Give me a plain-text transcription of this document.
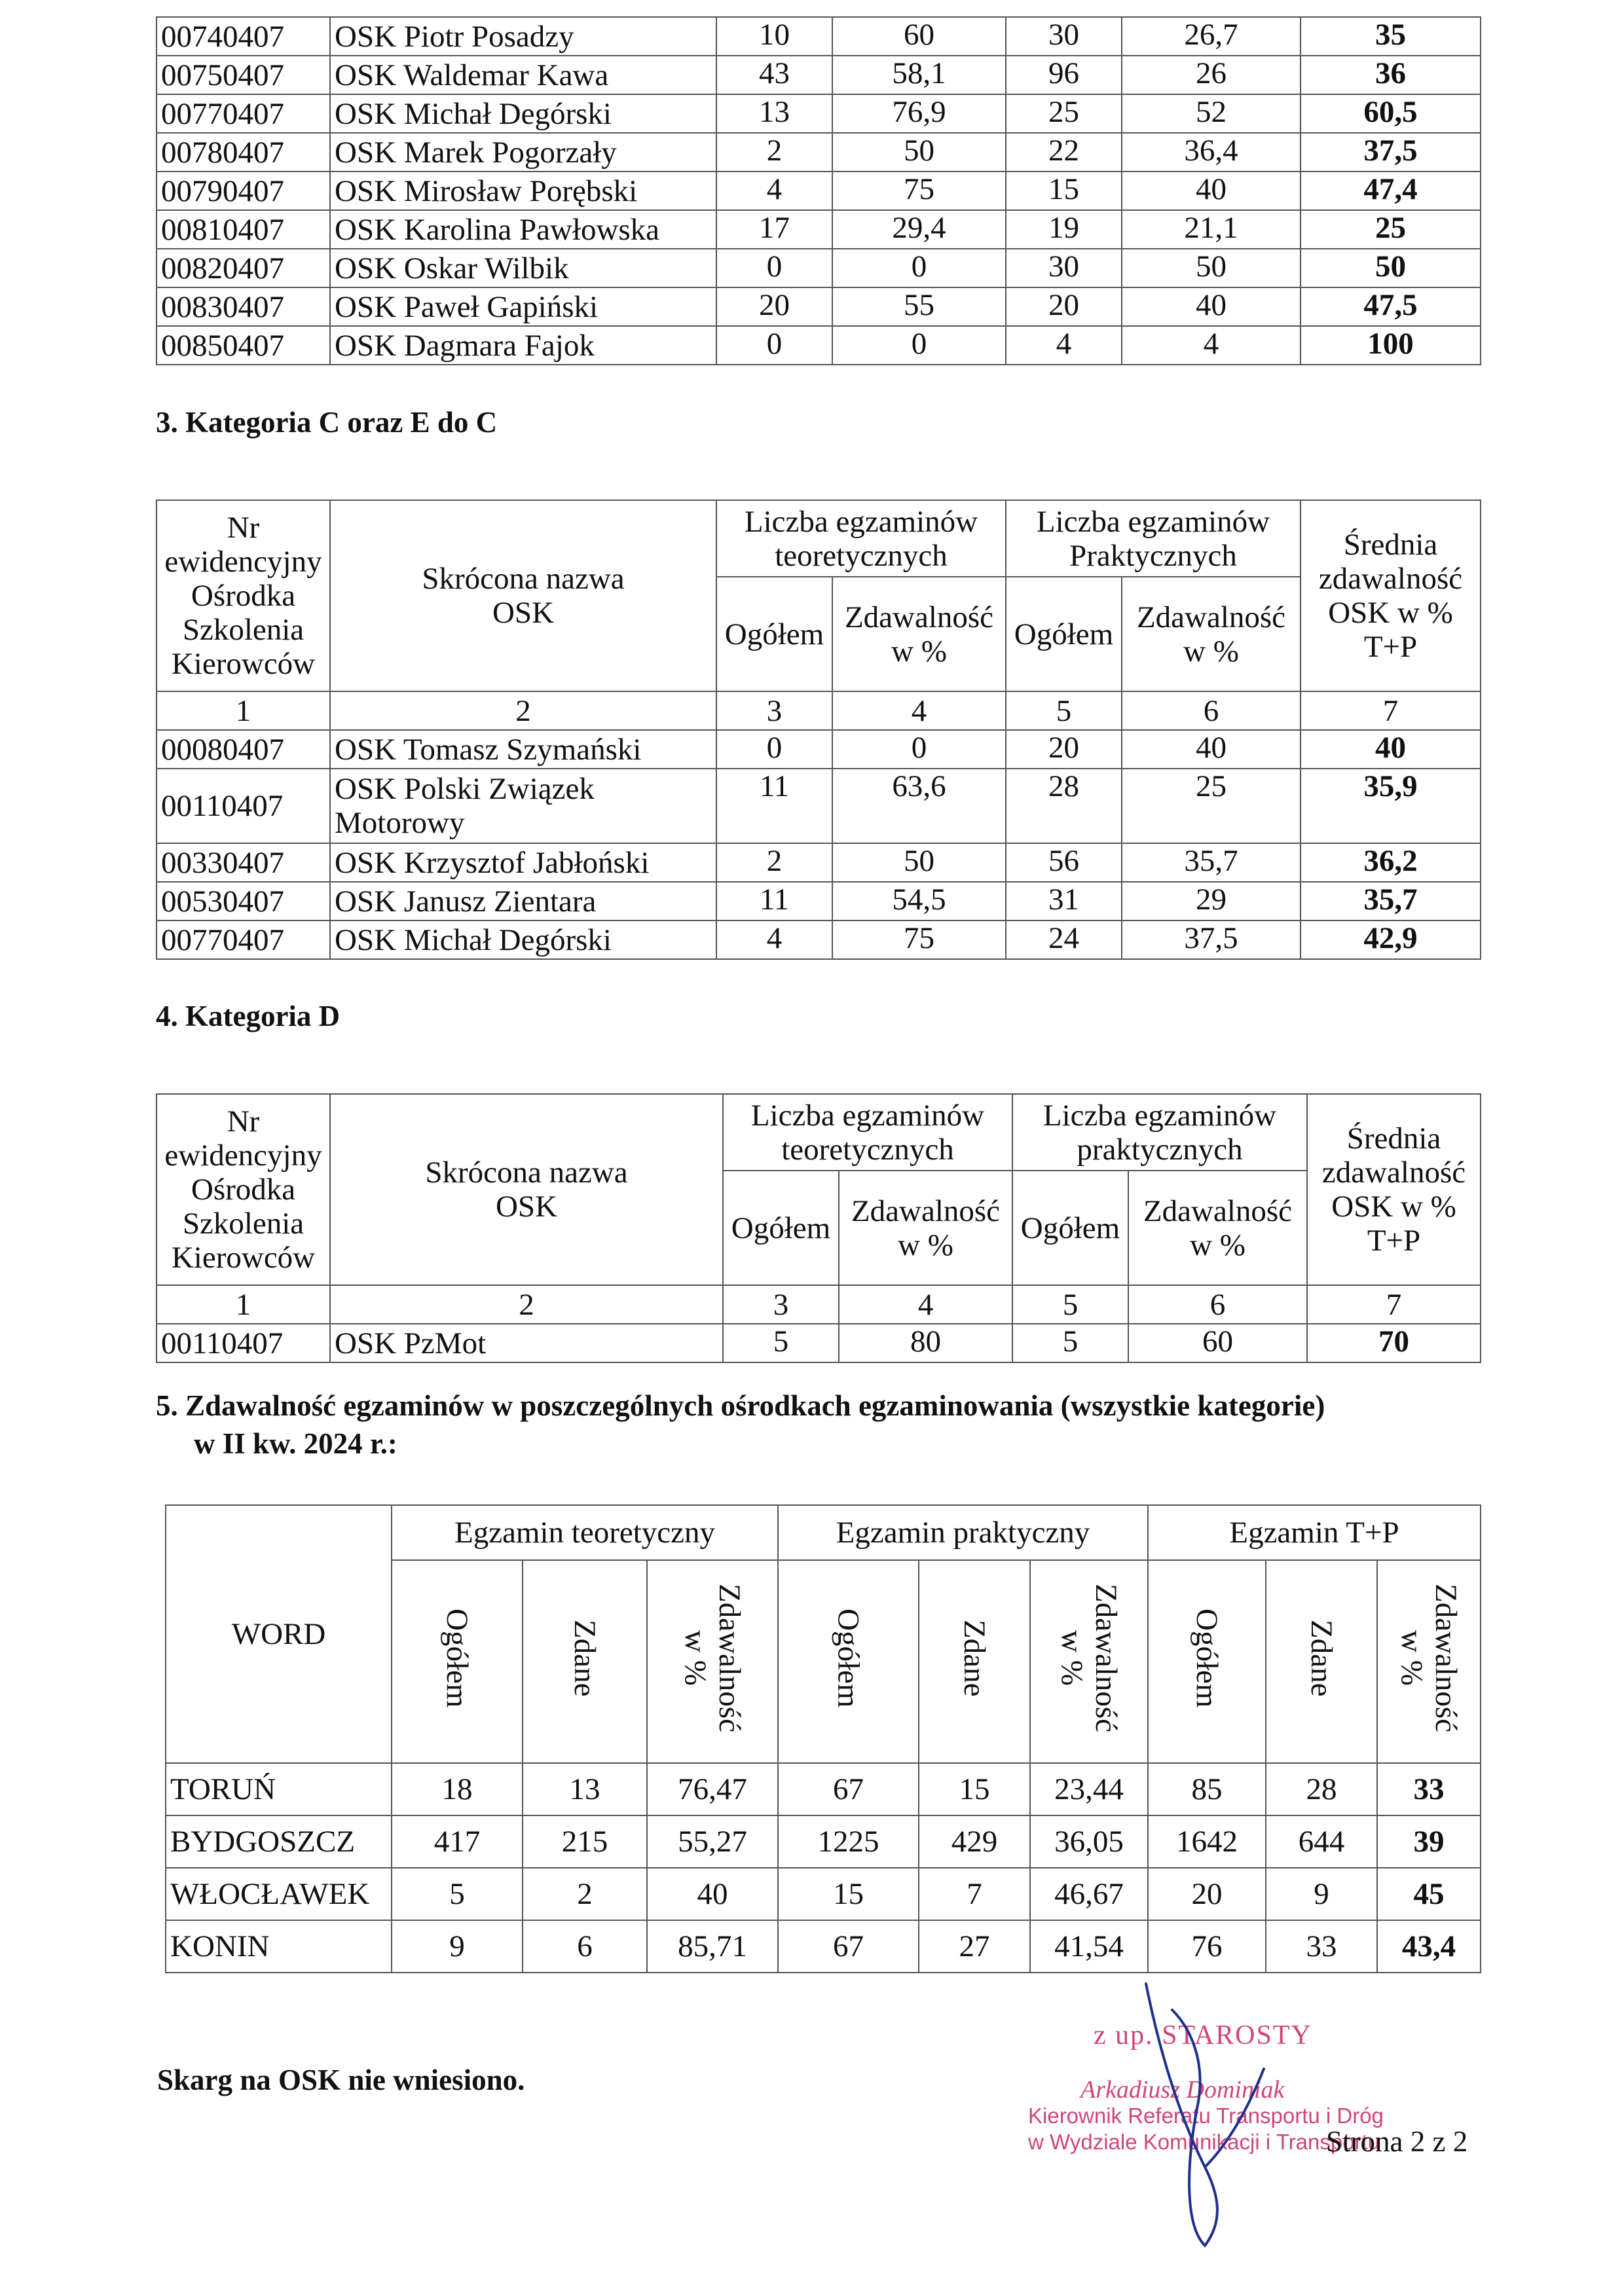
00740407	OSK Piotr Posadzy	10	60	30	26,7	35
00750407	OSK Waldemar Kawa	43	58,1	96	26	36
00770407	OSK Michał Degórski	13	76,9	25	52	60,5
00780407	OSK Marek Pogorzały	2	50	22	36,4	37,5
00790407	OSK Mirosław Porębski	4	75	15	40	47,4
00810407	OSK Karolina Pawłowska	17	29,4	19	21,1	25
00820407	OSK Oskar Wilbik	0	0	30	50	50
00830407	OSK Paweł Gapiński	20	55	20	40	47,5
00850407	OSK Dagmara Fajok	0	0	4	4	100

3. Kategoria C oraz E do C

Nr ewidencyjny Ośrodka Szkolenia Kierowców	Skrócona nazwa OSK	Liczba egzaminów teoretycznych		Liczba egzaminów Praktycznych		Średnia zdawalność OSK w % T+P
		Ogółem	Zdawalność w %	Ogółem	Zdawalność w %	
1	2	3	4	5	6	7
00080407	OSK Tomasz Szymański	0	0	20	40	40
00110407	OSK Polski Związek Motorowy	11	63,6	28	25	35,9
00330407	OSK Krzysztof Jabłoński	2	50	56	35,7	36,2
00530407	OSK Janusz Zientara	11	54,5	31	29	35,7
00770407	OSK Michał Degórski	4	75	24	37,5	42,9

4. Kategoria D

Nr ewidencyjny Ośrodka Szkolenia Kierowców	Skrócona nazwa OSK	Liczba egzaminów teoretycznych		Liczba egzaminów praktycznych		Średnia zdawalność OSK w % T+P
		Ogółem	Zdawalność w %	Ogółem	Zdawalność w %	
1	2	3	4	5	6	7
00110407	OSK PzMot	5	80	5	60	70

5. Zdawalność egzaminów w poszczególnych ośrodkach egzaminowania (wszystkie kategorie)

w II kw. 2024 r.:

WORD	Egzamin teoretyczny			Egzamin praktyczny			Egzamin T+P		
	Ogółem	Zdane	Zdawalność w %	Ogółem	Zdane	Zdawalność w %	Ogółem	Zdane	Zdawalność w %
TORUŃ	18	13	76,47	67	15	23,44	85	28	33
BYDGOSZCZ	417	215	55,27	1225	429	36,05	1642	644	39
WŁOCŁAWEK	5	2	40	15	7	46,67	20	9	45
KONIN	9	6	85,71	67	27	41,54	76	33	43,4

Skarg na OSK nie wniesiono.

z up. STAROSTY
Arkadiusz Dominiak
Kierownik Referatu Transportu i Dróg
w Wydziale Komunikacji i Transportu
Strona 2 z 2
